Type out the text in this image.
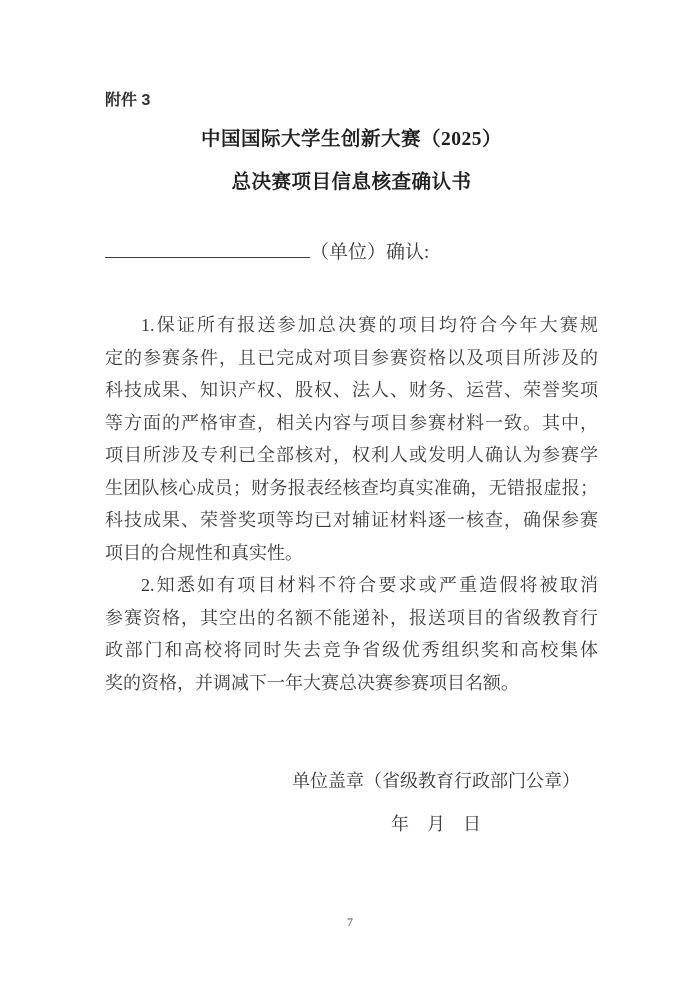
附件 3
中国国际大学生创新大赛（2025）
总决赛项目信息核查确认书
（单位）确认:
1.保证所有报送参加总决赛的项目均符合今年大赛规
定的参赛条件，且已完成对项目参赛资格以及项目所涉及的
科技成果、知识产权、股权、法人、财务、运营、荣誉奖项
等方面的严格审查，相关内容与项目参赛材料一致。其中，
项目所涉及专利已全部核对，权利人或发明人确认为参赛学
生团队核心成员；财务报表经核查均真实准确，无错报虚报；
科技成果、荣誉奖项等均已对辅证材料逐一核查，确保参赛
项目的合规性和真实性。
2.知悉如有项目材料不符合要求或严重造假将被取消
参赛资格，其空出的名额不能递补，报送项目的省级教育行
政部门和高校将同时失去竞争省级优秀组织奖和高校集体
奖的资格，并调减下一年大赛总决赛参赛项目名额。
单位盖章（省级教育行政部门公章）
年　月　日
7
